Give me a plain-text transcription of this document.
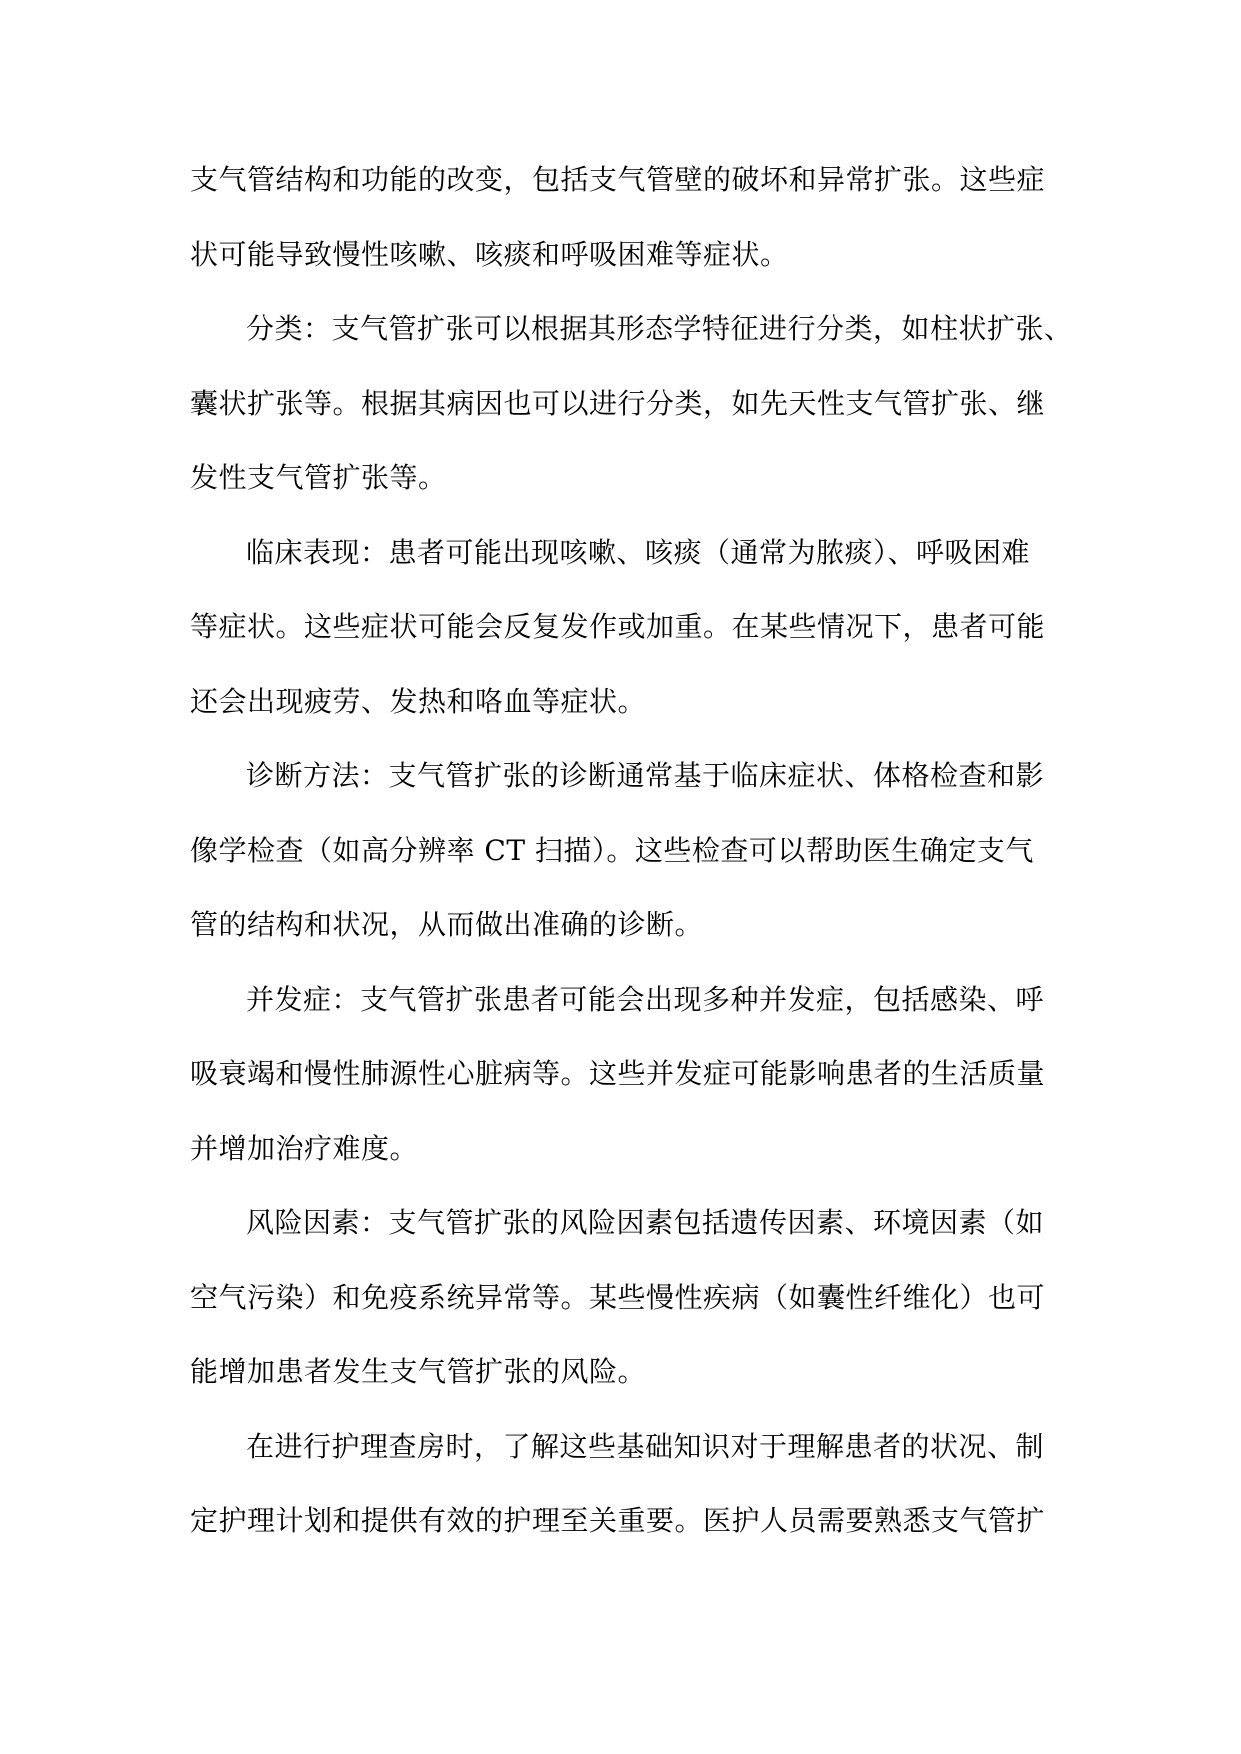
支气管结构和功能的改变，包括支气管壁的破坏和异常扩张。这些症
状可能导致慢性咳嗽、咳痰和呼吸困难等症状。
分类：支气管扩张可以根据其形态学特征进行分类，如柱状扩张、
囊状扩张等。根据其病因也可以进行分类，如先天性支气管扩张、继
发性支气管扩张等。
临床表现：患者可能出现咳嗽、咳痰（通常为脓痰）、呼吸困难
等症状。这些症状可能会反复发作或加重。在某些情况下，患者可能
还会出现疲劳、发热和咯血等症状。
诊断方法：支气管扩张的诊断通常基于临床症状、体格检查和影
像学检查（如高分辨率 CT 扫描）。这些检查可以帮助医生确定支气
管的结构和状况，从而做出准确的诊断。
并发症：支气管扩张患者可能会出现多种并发症，包括感染、呼
吸衰竭和慢性肺源性心脏病等。这些并发症可能影响患者的生活质量
并增加治疗难度。
风险因素：支气管扩张的风险因素包括遗传因素、环境因素（如
空气污染）和免疫系统异常等。某些慢性疾病（如囊性纤维化）也可
能增加患者发生支气管扩张的风险。
在进行护理查房时，了解这些基础知识对于理解患者的状况、制
定护理计划和提供有效的护理至关重要。医护人员需要熟悉支气管扩
